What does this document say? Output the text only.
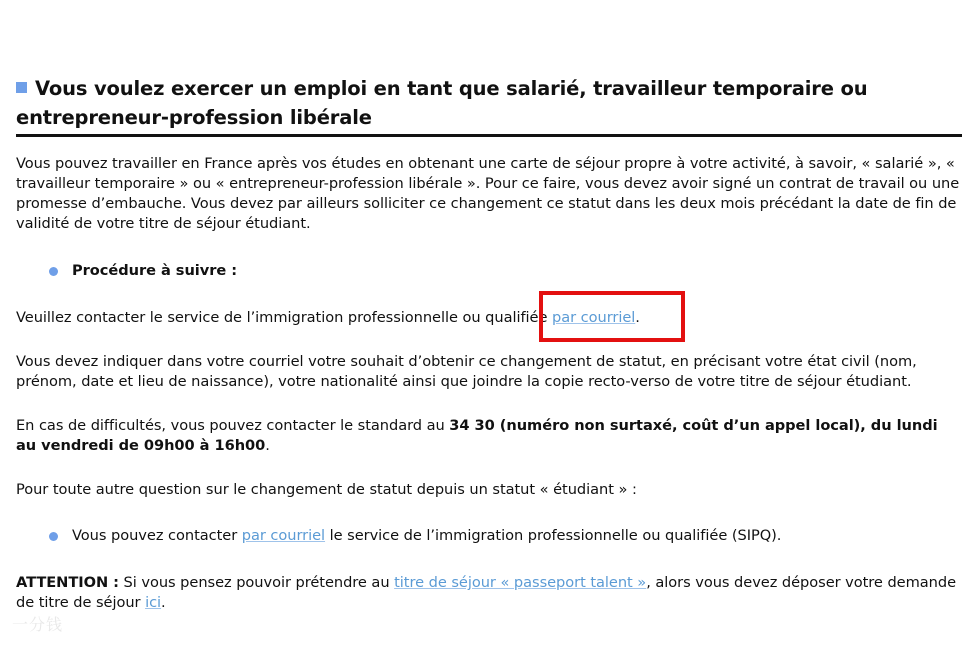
Vous voulez exercer un emploi en tant que salarié, travailleur temporaire ou entrepreneur-profession libérale

Vous pouvez travailler en France après vos études en obtenant une carte de séjour propre à votre activité, à savoir, « salarié », « travailleur temporaire » ou « entrepreneur-profession libérale ». Pour ce faire, vous devez avoir signé un contrat de travail ou une promesse d’embauche. Vous devez par ailleurs solliciter ce changement ce statut dans les deux mois précédant la date de fin de validité de votre titre de séjour étudiant.

Procédure à suivre :

Veuillez contacter le service de l’immigration professionnelle ou qualifiée par courriel.

Vous devez indiquer dans votre courriel votre souhait d’obtenir ce changement de statut, en précisant votre état civil (nom, prénom, date et lieu de naissance), votre nationalité ainsi que joindre la copie recto-verso de votre titre de séjour étudiant.

En cas de difficultés, vous pouvez contacter le standard au 34 30 (numéro non surtaxé, coût d’un appel local), du lundi au vendredi de 09h00 à 16h00.

Pour toute autre question sur le changement de statut depuis un statut « étudiant » :

Vous pouvez contacter par courriel le service de l’immigration professionnelle ou qualifiée (SIPQ).

ATTENTION : Si vous pensez pouvoir prétendre au titre de séjour « passeport talent », alors vous devez déposer votre demande de titre de séjour ici.

一分钱
